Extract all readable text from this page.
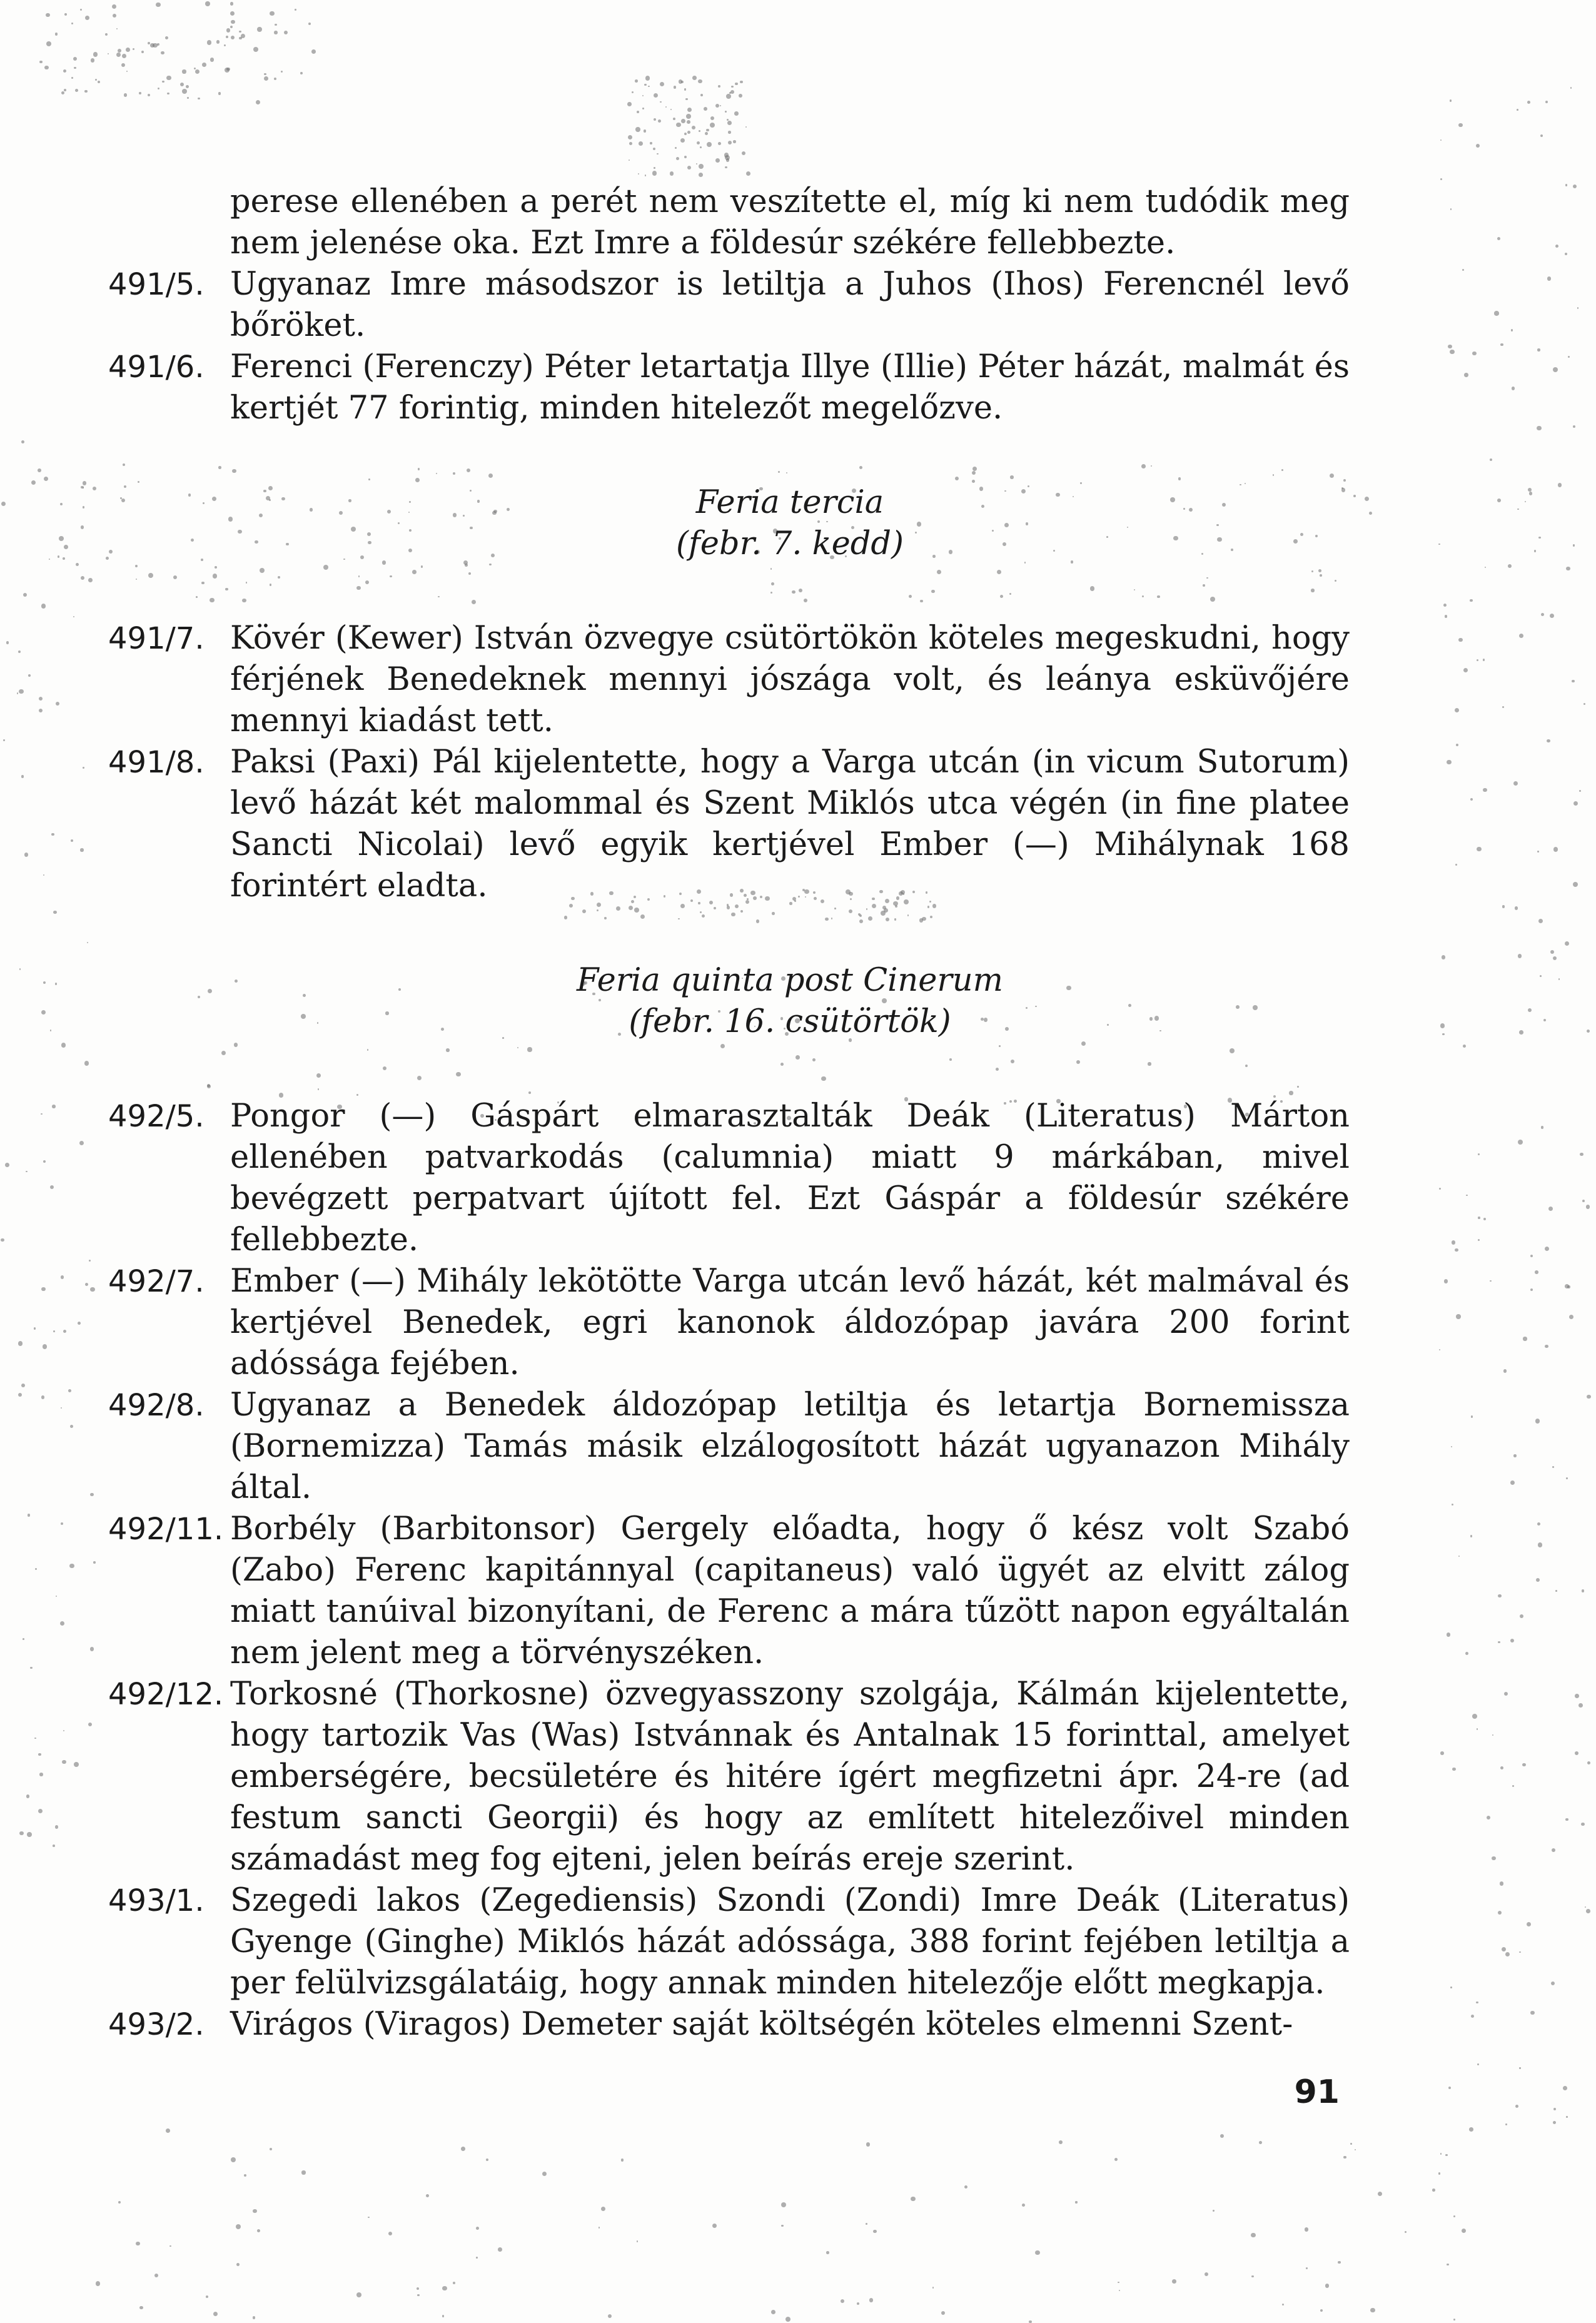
perese ellenében a perét nem veszítette el, míg ki nem tudódik meg nem jelenése oka. Ezt Imre a földesúr székére fellebbezte.
491/5. Ugyanaz Imre másodszor is letiltja a Juhos (Ihos) Ferencnél levő bőröket.
491/6. Ferenci (Ferenczy) Péter letartatja Illye (Illie) Péter házát, malmát és kertjét 77 forintig, minden hitelezőt megelőzve.
Feria tercia
(febr. 7. kedd)
491/7. Kövér (Kewer) István özvegye csütörtökön köteles megeskudni, hogy férjének Benedeknek mennyi jószága volt, és leánya esküvőjére mennyi kiadást tett.
491/8. Paksi (Paxi) Pál kijelentette, hogy a Varga utcán (in vicum Sutorum) levő házát két malommal és Szent Miklós utca végén (in fine platee Sancti Nicolai) levő egyik kertjével Ember (—) Mihálynak 168 forintért eladta.
Feria quinta post Cinerum
(febr. 16. csütörtök)
492/5. Pongor (—) Gáspárt elmarasztalták Deák (Literatus) Márton ellenében patvarkodás (calumnia) miatt 9 márkában, mivel bevégzett perpatvart újított fel. Ezt Gáspár a földesúr székére fellebbezte.
492/7. Ember (—) Mihály lekötötte Varga utcán levő házát, két malmával és kertjével Benedek, egri kanonok áldozópap javára 200 forint adóssága fejében.
492/8. Ugyanaz a Benedek áldozópap letiltja és letartja Bornemissza (Bornemizza) Tamás másik elzálogosított házát ugyanazon Mihály által.
492/11. Borbély (Barbitonsor) Gergely előadta, hogy ő kész volt Szabó (Zabo) Ferenc kapitánnyal (capitaneus) való ügyét az elvitt zálog miatt tanúival bizonyítani, de Ferenc a mára tűzött napon egyáltalán nem jelent meg a törvényszéken.
492/12. Torkosné (Thorkosne) özvegyasszony szolgája, Kálmán kijelentette, hogy tartozik Vas (Was) Istvánnak és Antalnak 15 forinttal, amelyet emberségére, becsületére és hitére ígért megfizetni ápr. 24-re (ad festum sancti Georgii) és hogy az említett hitelezőivel minden számadást meg fog ejteni, jelen beírás ereje szerint.
493/1. Szegedi lakos (Zegediensis) Szondi (Zondi) Imre Deák (Literatus) Gyenge (Ginghe) Miklós házát adóssága, 388 forint fejében letiltja a per felülvizsgálatáig, hogy annak minden hitelezője előtt megkapja.
493/2. Virágos (Viragos) Demeter saját költségén köteles elmenni Szent-
91
